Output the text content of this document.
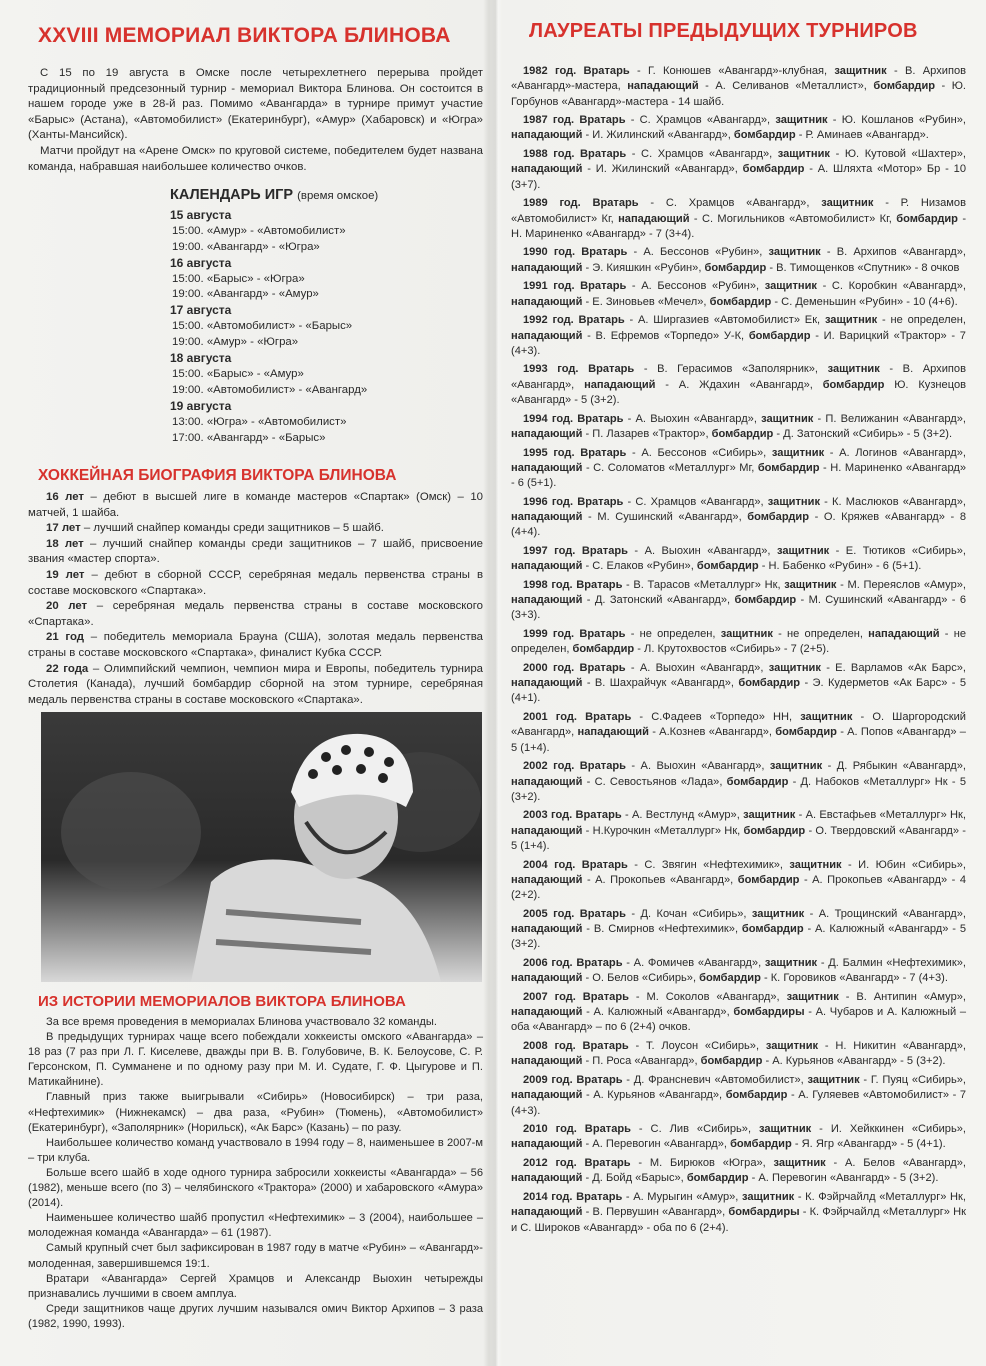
XXVIII МЕМОРИАЛ ВИКТОРА БЛИНОВА

С 15 по 19 августа в Омске после четырехлетнего перерыва пройдет традиционный предсезонный турнир - мемориал Виктора Блинова. Он состоится в нашем городе уже в 28-й раз. Помимо «Авангарда» в турнире примут участие «Барыс» (Астана), «Автомобилист» (Екатеринбург), «Амур» (Хабаровск) и «Югра» (Ханты-Мансийск).

Матчи пройдут на «Арене Омск» по круговой системе, победителем будет названа команда, набравшая наибольшее количество очков.

КАЛЕНДАРЬ ИГР (время омское)
15 августа
15:00. «Амур» - «Автомобилист»
19:00. «Авангард» - «Югра»
16 августа
15:00. «Барыс» - «Югра»
19:00. «Авангард» - «Амур»
17 августа
15:00. «Автомобилист» - «Барыс»
19:00. «Амур» - «Югра»
18 августа
15:00. «Барыс» - «Амур»
19:00. «Автомобилист» - «Авангард»
19 августа
13:00. «Югра» - «Автомобилист»
17:00. «Авангард» - «Барыс»
ХОККЕЙНАЯ БИОГРАФИЯ ВИКТОРА БЛИНОВА

16 лет – дебют в высшей лиге в команде мастеров «Спартак» (Омск) – 10 матчей, 1 шайба.

17 лет – лучший снайпер команды среди защитников – 5 шайб.

18 лет – лучший снайпер команды среди защитников – 7 шайб, присвоение звания «мастер спорта».

19 лет – дебют в сборной СССР, серебряная медаль первенства страны в составе московского «Спартака».

20 лет – серебряная медаль первенства страны в составе московского «Спартака».

21 год – победитель мемориала Брауна (США), золотая медаль первенства страны в составе московского «Спартака», финалист Кубка СССР.

22 года – Олимпийский чемпион, чемпион мира и Европы, победитель турнира Столетия (Канада), лучший бомбардир сборной на этом турнире, серебряная медаль первенства страны в составе московского «Спартака».

ИЗ ИСТОРИИ МЕМОРИАЛОВ ВИКТОРА БЛИНОВА

За все время проведения в мемориалах Блинова участвовало 32 команды.

В предыдущих турнирах чаще всего побеждали хоккеисты омского «Авангарда» – 18 раз (7 раз при Л. Г. Киселеве, дважды при В. В. Голубовиче, В. К. Белоусове, С. Р. Герсонском, П. Сумманене и по одному разу при М. И. Судате, Г. Ф. Цыгурове и П. Матикайнине).

Главный приз также выигрывали «Сибирь» (Новосибирск) – три раза, «Нефтехимик» (Нижнекамск) – два раза, «Рубин» (Тюмень), «Автомобилист» (Екатеринбург), «Заполярник» (Норильск), «Ак Барс» (Казань) – по разу.

Наибольшее количество команд участвовало в 1994 году – 8, наименьшее в 2007-м – три клуба.

Больше всего шайб в ходе одного турнира забросили хоккеисты «Авангарда» – 56 (1982), меньше всего (по 3) – челябинского «Трактора» (2000) и хабаровского «Амура» (2014).

Наименьшее количество шайб пропустил «Нефтехимик» – 3 (2004), наибольшее – молодежная команда «Авангарда» – 61 (1987).

Самый крупный счет был зафиксирован в 1987 году в матче «Рубин» – «Авангард»-молоденная, завершившемся 19:1.

Вратари «Авангарда» Сергей Храмцов и Александр Выохин четырежды признавались лучшими в своем амплуа.

Среди защитников чаще других лучшим назывался омич Виктор Архипов – 3 раза (1982, 1990, 1993).

ЛАУРЕАТЫ ПРЕДЫДУЩИХ ТУРНИРОВ

1982 год. Вратарь - Г. Конюшев «Авангард»-клубная, защитник - В. Архипов «Авангард»-мастера, нападающий - А. Селиванов «Металлист», бомбардир - Ю. Горбунов «Авангард»-мастера - 14 шайб.

1987 год. Вратарь - С. Храмцов «Авангард», защитник - Ю. Кошланов «Рубин», нападающий - И. Жилинский «Авангард», бомбардир - Р. Аминаев «Авангард».

1988 год. Вратарь - С. Храмцов «Авангард», защитник - Ю. Кутовой «Шахтер», нападающий - И. Жилинский «Авангард», бомбардир - А. Шляхта «Мотор» Бр - 10 (3+7).

1989 год. Вратарь - С. Храмцов «Авангард», защитник - Р. Низамов «Автомобилист» Кг, нападающий - С. Могильников «Автомобилист» Кг, бомбардир - Н. Мариненко «Авангард» - 7 (3+4).

1990 год. Вратарь - А. Бессонов «Рубин», защитник - В. Архипов «Авангард», нападающий - Э. Кияшкин «Рубин», бомбардир - В. Тимощенков «Спутник» - 8 очков

1991 год. Вратарь - А. Бессонов «Рубин», защитник - С. Коробкин «Авангард», нападающий - Е. Зиновьев «Мечел», бомбардир - С. Деменьшин «Рубин» - 10 (4+6).

1992 год. Вратарь - А. Ширгазиев «Автомобилист» Ек, защитник - не определен, нападающий - В. Ефремов «Торпедо» У-К, бомбардир - И. Варицкий «Трактор» - 7 (4+3).

1993 год. Вратарь - В. Герасимов «Заполярник», защитник - В. Архипов «Авангард», нападающий - А. Ждахин «Авангард», бомбардир Ю. Кузнецов «Авангард» - 5 (3+2).

1994 год. Вратарь - А. Выохин «Авангард», защитник - П. Велижанин «Авангард», нападающий - П. Лазарев «Трактор», бомбардир - Д. Затонский «Сибирь» - 5 (3+2).

1995 год. Вратарь - А. Бессонов «Сибирь», защитник - А. Логинов «Авангард», нападающий - С. Соломатов «Металлург» Мг, бомбардир - Н. Мариненко «Авангард» - 6 (5+1).

1996 год. Вратарь - С. Храмцов «Авангард», защитник - К. Маслюков «Авангард», нападающий - М. Сушинский «Авангард», бомбардир - О. Кряжев «Авангард» - 8 (4+4).

1997 год. Вратарь - А. Выохин «Авангард», защитник - Е. Тютиков «Сибирь», нападающий - С. Елаков «Рубин», бомбардир - Н. Бабенко «Рубин» - 6 (5+1).

1998 год. Вратарь - В. Тарасов «Металлург» Нк, защитник - М. Переяслов «Амур», нападающий - Д. Затонский «Авангард», бомбардир - М. Сушинский «Авангард» - 6 (3+3).

1999 год. Вратарь - не определен, защитник - не определен, нападающий - не определен, бомбардир - Л. Крутохвостов «Сибирь» - 7 (2+5).

2000 год. Вратарь - А. Выохин «Авангард», защитник - Е. Варламов «Ак Барс», нападающий - В. Шахрайчук «Авангард», бомбардир - Э. Кудерметов «Ак Барс» - 5 (4+1).

2001 год. Вратарь - С.Фадеев «Торпедо» НН, защитник - О. Шаргородский «Авангард», нападающий - А.Кознев «Авангард», бомбардир - А. Попов «Авангард» – 5 (1+4).

2002 год. Вратарь - А. Выохин «Авангард», защитник - Д. Рябыкин «Авангард», нападающий - С. Севостьянов «Лада», бомбардир - Д. Набоков «Металлург» Нк - 5 (3+2).

2003 год. Вратарь - А. Вестлунд «Амур», защитник - А. Евстафьев «Металлург» Нк, нападающий - Н.Курочкин «Металлург» Нк, бомбардир - О. Твердовский «Авангард» - 5 (1+4).

2004 год. Вратарь - С. Звягин «Нефтехимик», защитник - И. Юбин «Сибирь», нападающий - А. Прокопьев «Авангард», бомбардир - А. Прокопьев «Авангард» - 4 (2+2).

2005 год. Вратарь - Д. Кочан «Сибирь», защитник - А. Трощинский «Авангард», нападающий - В. Смирнов «Нефтехимик», бомбардир - А. Калюжный «Авангард» - 5 (3+2).

2006 год. Вратарь - А. Фомичев «Авангард», защитник - Д. Балмин «Нефтехимик», нападающий - О. Белов «Сибирь», бомбардир - К. Горовиков «Авангард» - 7 (4+3).

2007 год. Вратарь - М. Соколов «Авангард», защитник - В. Антипин «Амур», нападающий - А. Калюжный «Авангард», бомбардиры - А. Чубаров и А. Калюжный – оба «Авангард» – по 6 (2+4) очков.

2008 год. Вратарь - Т. Лоусон «Сибирь», защитник - Н. Никитин «Авангард», нападающий - П. Роса «Авангард», бомбардир - А. Курьянов «Авангард» - 5 (3+2).

2009 год. Вратарь - Д. Франсневич «Автомобилист», защитник - Г. Пуяц «Сибирь», нападающий - А. Курьянов «Авангард», бомбардир - А. Гуляевев «Автомобилист» - 7 (4+3).

2010 год. Вратарь - С. Лив «Сибирь», защитник - И. Хейккинен «Сибирь», нападающий - А. Перевогин «Авангард», бомбардир - Я. Ягр «Авангард» - 5 (4+1).

2012 год. Вратарь - М. Бирюков «Югра», защитник - А. Белов «Авангард», нападающий - Д. Бойд «Барыс», бомбардир - А. Перевогин «Авангард» - 5 (3+2).

2014 год. Вратарь - А. Мурыгин «Амур», защитник - К. Фэйрчайлд «Металлург» Нк, нападающий - В. Первушин «Авангард», бомбардиры - К. Фэйрчайлд «Металлург» Нк и С. Широков «Авангард» - оба по 6 (2+4).
